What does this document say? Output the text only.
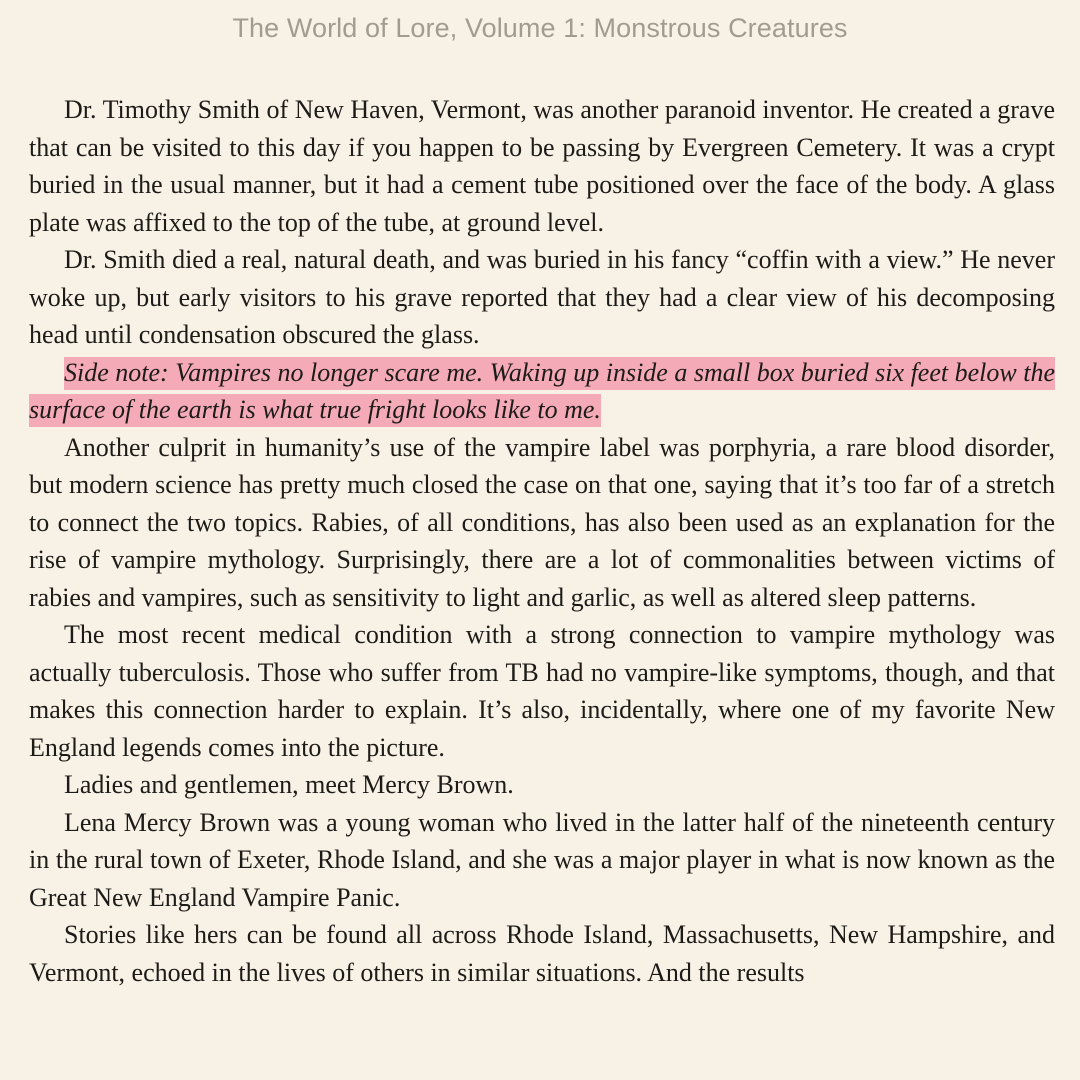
The World of Lore, Volume 1: Monstrous Creatures

Dr. Timothy Smith of New Haven, Vermont, was another paranoid inventor. He created a grave that can be visited to this day if you happen to be passing by Evergreen Cemetery. It was a crypt buried in the usual manner, but it had a cement tube positioned over the face of the body. A glass plate was affixed to the top of the tube, at ground level.

Dr. Smith died a real, natural death, and was buried in his fancy “coffin with a view.” He never woke up, but early visitors to his grave reported that they had a clear view of his decomposing head until condensation obscured the glass.

Side note: Vampires no longer scare me. Waking up inside a small box buried six feet below the surface of the earth is what true fright looks like to me.

Another culprit in humanity’s use of the vampire label was porphyria, a rare blood disorder, but modern science has pretty much closed the case on that one, saying that it’s too far of a stretch to connect the two topics. Rabies, of all conditions, has also been used as an explanation for the rise of vampire mythology. Surprisingly, there are a lot of commonalities between victims of rabies and vampires, such as sensitivity to light and garlic, as well as altered sleep patterns.

The most recent medical condition with a strong connection to vampire mythology was actually tuberculosis. Those who suffer from TB had no vampire-like symptoms, though, and that makes this connection harder to explain. It’s also, incidentally, where one of my favorite New England legends comes into the picture.

Ladies and gentlemen, meet Mercy Brown.

Lena Mercy Brown was a young woman who lived in the latter half of the nineteenth century in the rural town of Exeter, Rhode Island, and she was a major player in what is now known as the Great New England Vampire Panic.

Stories like hers can be found all across Rhode Island, Massachusetts, New Hampshire, and Vermont, echoed in the lives of others in similar situations. And the results
